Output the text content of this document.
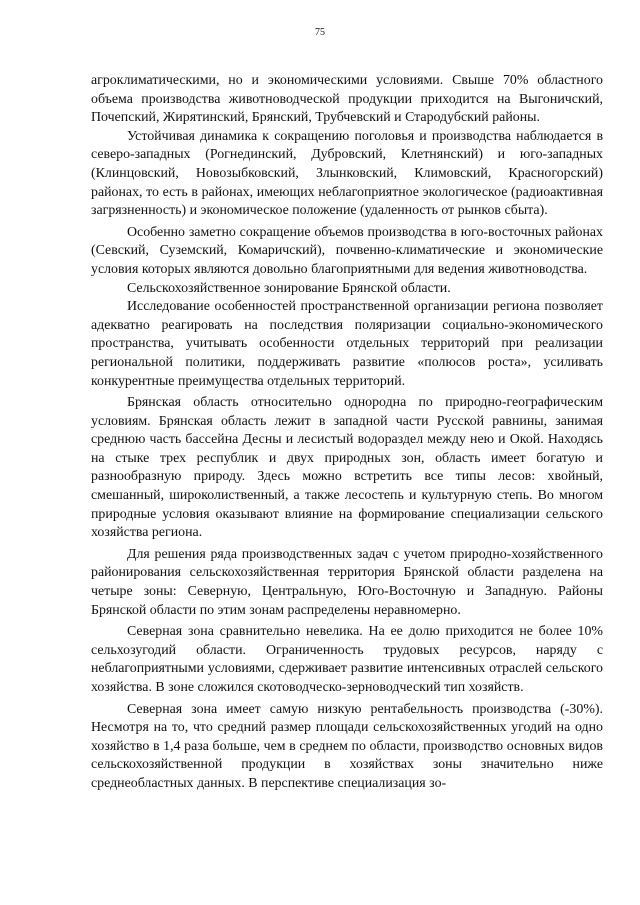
75

агроклиматическими, но и экономическими условиями. Свыше 70% областного объема производства животноводческой продукции приходится на Выгоничский, Почепский, Жирятинский, Брянский, Трубчевский и Стародубский районы.

Устойчивая динамика к сокращению поголовья и производства наблюдается в северо-западных (Рогнединский, Дубровский, Клетнянский) и юго-западных (Клинцовский, Новозыбковский, Злынковский, Климовский, Красногорский) районах, то есть в районах, имеющих неблагоприятное экологическое (радиоактивная загрязненность) и экономическое положение (удаленность от рынков сбыта).

Особенно заметно сокращение объемов производства в юго-восточных районах (Севский, Суземский, Комаричский), почвенно-климатические и экономические условия которых являются довольно благоприятными для ведения животноводства.

Сельскохозяйственное зонирование Брянской области.

Исследование особенностей пространственной организации региона позволяет адекватно реагировать на последствия поляризации социально-экономического пространства, учитывать особенности отдельных территорий при реализации региональной политики, поддерживать развитие «полюсов роста», усиливать конкурентные преимущества отдельных территорий.

Брянская область относительно однородна по природно-географическим условиям. Брянская область лежит в западной части Русской равнины, занимая среднюю часть бассейна Десны и лесистый водораздел между нею и Окой. Находясь на стыке трех республик и двух природных зон, область имеет богатую и разнообразную природу. Здесь можно встретить все типы лесов: хвойный, смешанный, широколиственный, а также лесостепь и культурную степь. Во многом природные условия оказывают влияние на формирование специализации сельского хозяйства региона.

Для решения ряда производственных задач с учетом природно-хозяйственного районирования сельскохозяйственная территория Брянской области разделена на четыре зоны: Северную, Центральную, Юго-Восточную и Западную. Районы Брянской области по этим зонам распределены неравномерно.

Северная зона сравнительно невелика. На ее долю приходится не более 10% сельхозугодий области. Ограниченность трудовых ресурсов, наряду с неблагоприятными условиями, сдерживает развитие интенсивных отраслей сельского хозяйства. В зоне сложился скотоводческо-зерноводческий тип хозяйств.

Северная зона имеет самую низкую рентабельность производства (-30%). Несмотря на то, что средний размер площади сельскохозяйственных угодий на одно хозяйство в 1,4 раза больше, чем в среднем по области, производство основных видов сельскохозяйственной продукции в хозяйствах зоны значительно ниже среднеобластных данных. В перспективе специализация зо-
